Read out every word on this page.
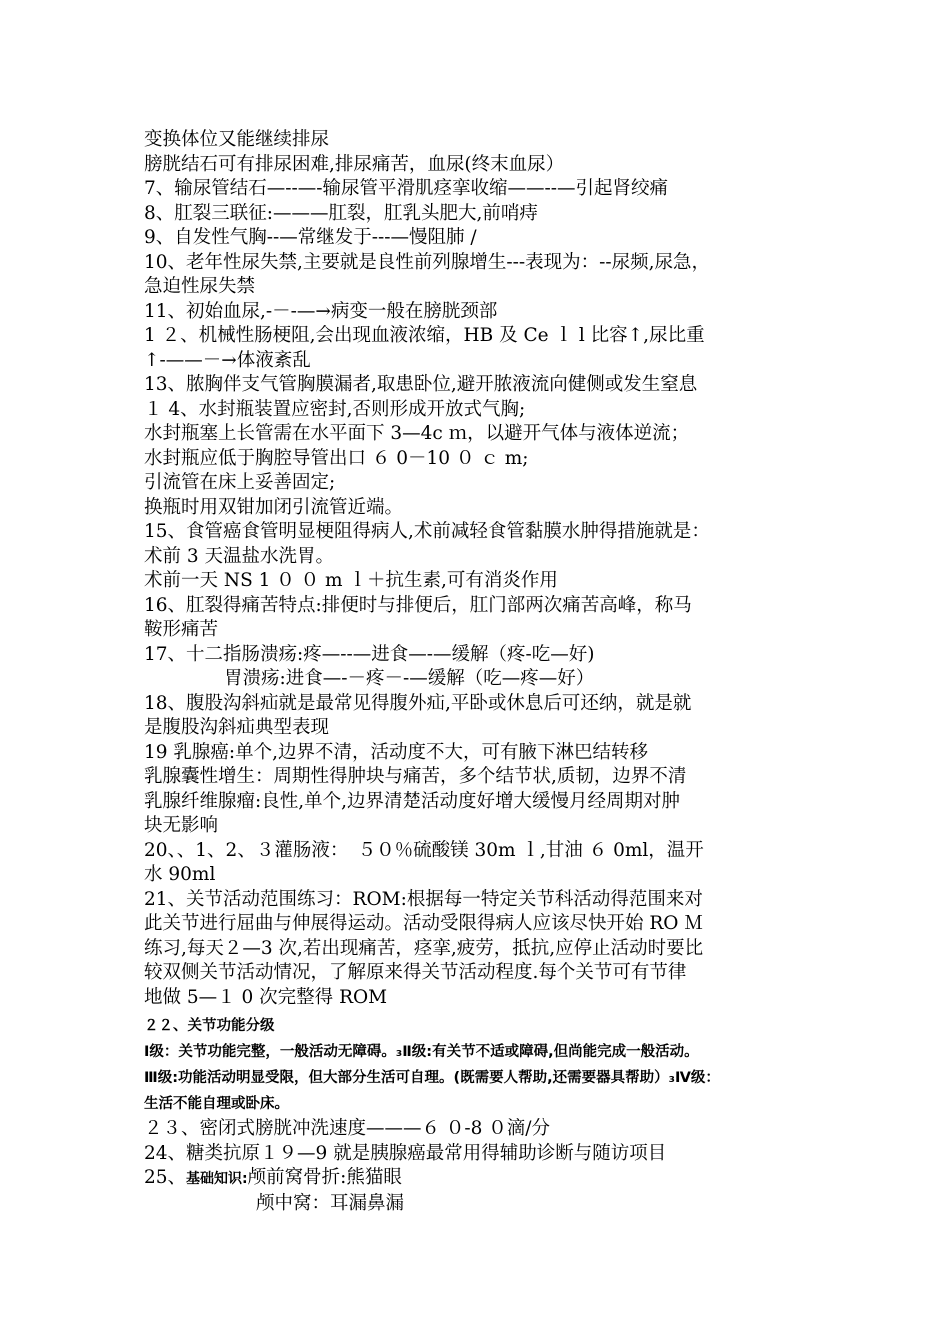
变换体位又能继续排尿
膀胱结石可有排尿困难,排尿痛苦，血尿(终末血尿）
7、输尿管结石—--—-输尿管平滑肌痉挛收缩——--—引起肾绞痛
8、肛裂三联征:———肛裂，肛乳头肥大,前哨痔
9、自发性气胸--—常继发于---—慢阻肺 /
10、老年性尿失禁,主要就是良性前列腺增生---表现为：--尿频,尿急，
急迫性尿失禁
11、初始血尿,-－-—→病变一般在膀胱颈部
1 ２、机械性肠梗阻,会出现血液浓缩，HB 及 Ce ｌ l 比容↑,尿比重
↑-——－→体液紊乱
13、脓胸伴支气管胸膜漏者,取患卧位,避开脓液流向健侧或发生窒息
１ 4、水封瓶装置应密封,否则形成开放式气胸;
水封瓶塞上长管需在水平面下 3—4c ｍ，以避开气体与液体逆流；
水封瓶应低于胸腔导管出口 ６ 0－10 ０ ｃ m;
引流管在床上妥善固定;
换瓶时用双钳加闭引流管近端。
15、食管癌食管明显梗阻得病人,术前减轻食管黏膜水肿得措施就是：
术前 3 天温盐水洗胃。
术前一天 NS 1 ０ ０ m ｌ＋抗生素,可有消炎作用
16、肛裂得痛苦特点:排便时与排便后，肛门部两次痛苦高峰，称马
鞍形痛苦
17、十二指肠溃疡:疼—--—进食—-—缓解（疼-吃—好)
胃溃疡:进食—-－疼－-—缓解（吃—疼—好）
18、腹股沟斜疝就是最常见得腹外疝,平卧或休息后可还纳，就是就
是腹股沟斜疝典型表现
19 乳腺癌:单个,边界不清，活动度不大，可有腋下淋巴结转移
乳腺囊性增生：周期性得肿块与痛苦，多个结节状,质韧，边界不清
乳腺纤维腺瘤:良性,单个,边界清楚活动度好增大缓慢月经周期对肿
块无影响
20、、1、2、３灌肠液：　５０％硫酸镁 30m ｌ,甘油 ６ 0ml，温开
水 90ml
21、关节活动范围练习：ROM:根据每一特定关节科活动得范围来对
此关节进行屈曲与伸展得运动。活动受限得病人应该尽快开始 RO Ｍ
练习,每天２—3 次,若出现痛苦，痉挛,疲劳，抵抗,应停止活动时要比
较双侧关节活动情况，了解原来得关节活动程度.每个关节可有节律
地做 5—１ 0 次完整得 ROM
２２、关节功能分级
Ⅰ级：关节功能完整，一般活动无障碍。₃Ⅱ级:有关节不适或障碍,但尚能完成一般活动。
Ⅲ级:功能活动明显受限，但大部分生活可自理。(既需要人帮助,还需要器具帮助）₃Ⅳ级：
生活不能自理或卧床。
２３、密闭式膀胱冲洗速度———６ ０-8 ０滴/分
24、糖类抗原１９—9 就是胰腺癌最常用得辅助诊断与随访项目
25、基础知识:颅前窝骨折:熊猫眼
颅中窝：耳漏鼻漏
